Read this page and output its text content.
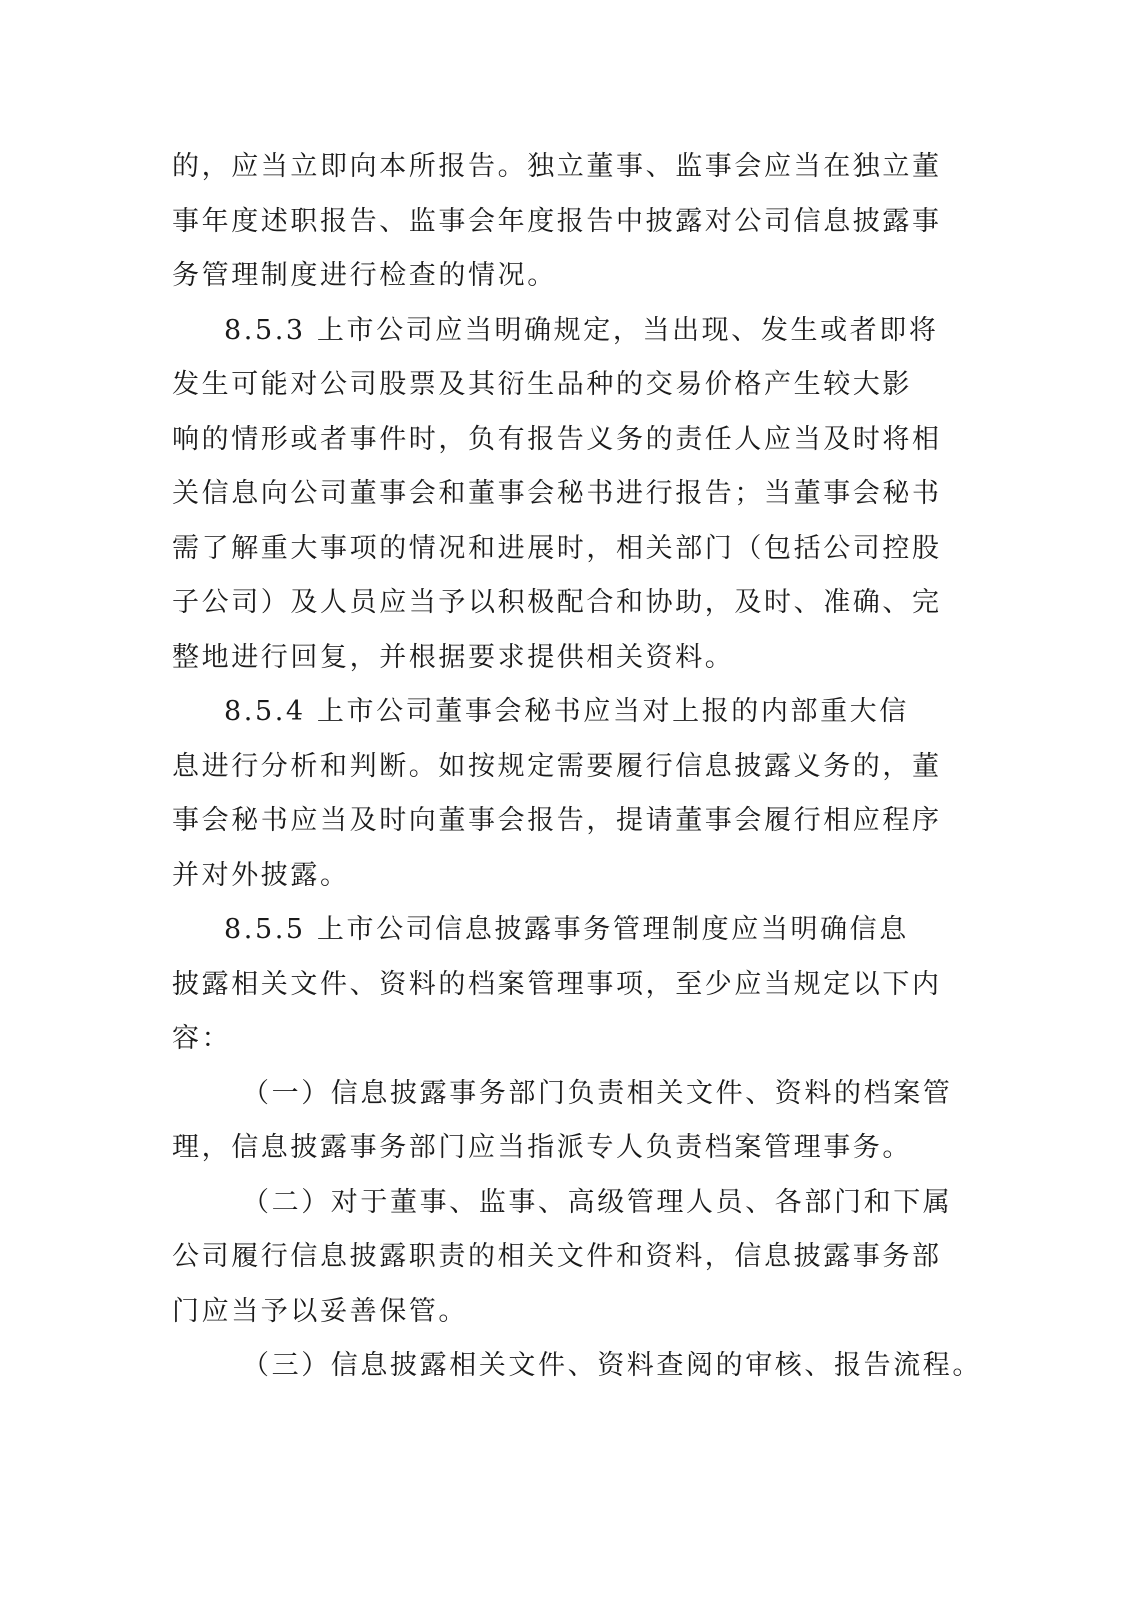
的，应当立即向本所报告。独立董事、监事会应当在独立董
事年度述职报告、监事会年度报告中披露对公司信息披露事
务管理制度进行检查的情况。
8.5.3 上市公司应当明确规定，当出现、发生或者即将
发生可能对公司股票及其衍生品种的交易价格产生较大影
响的情形或者事件时，负有报告义务的责任人应当及时将相
关信息向公司董事会和董事会秘书进行报告；当董事会秘书
需了解重大事项的情况和进展时，相关部门（包括公司控股
子公司）及人员应当予以积极配合和协助，及时、准确、完
整地进行回复，并根据要求提供相关资料。
8.5.4 上市公司董事会秘书应当对上报的内部重大信
息进行分析和判断。如按规定需要履行信息披露义务的，董
事会秘书应当及时向董事会报告，提请董事会履行相应程序
并对外披露。
8.5.5 上市公司信息披露事务管理制度应当明确信息
披露相关文件、资料的档案管理事项，至少应当规定以下内
容：
（一）信息披露事务部门负责相关文件、资料的档案管
理，信息披露事务部门应当指派专人负责档案管理事务。
（二）对于董事、监事、高级管理人员、各部门和下属
公司履行信息披露职责的相关文件和资料，信息披露事务部
门应当予以妥善保管。
（三）信息披露相关文件、资料查阅的审核、报告流程。
